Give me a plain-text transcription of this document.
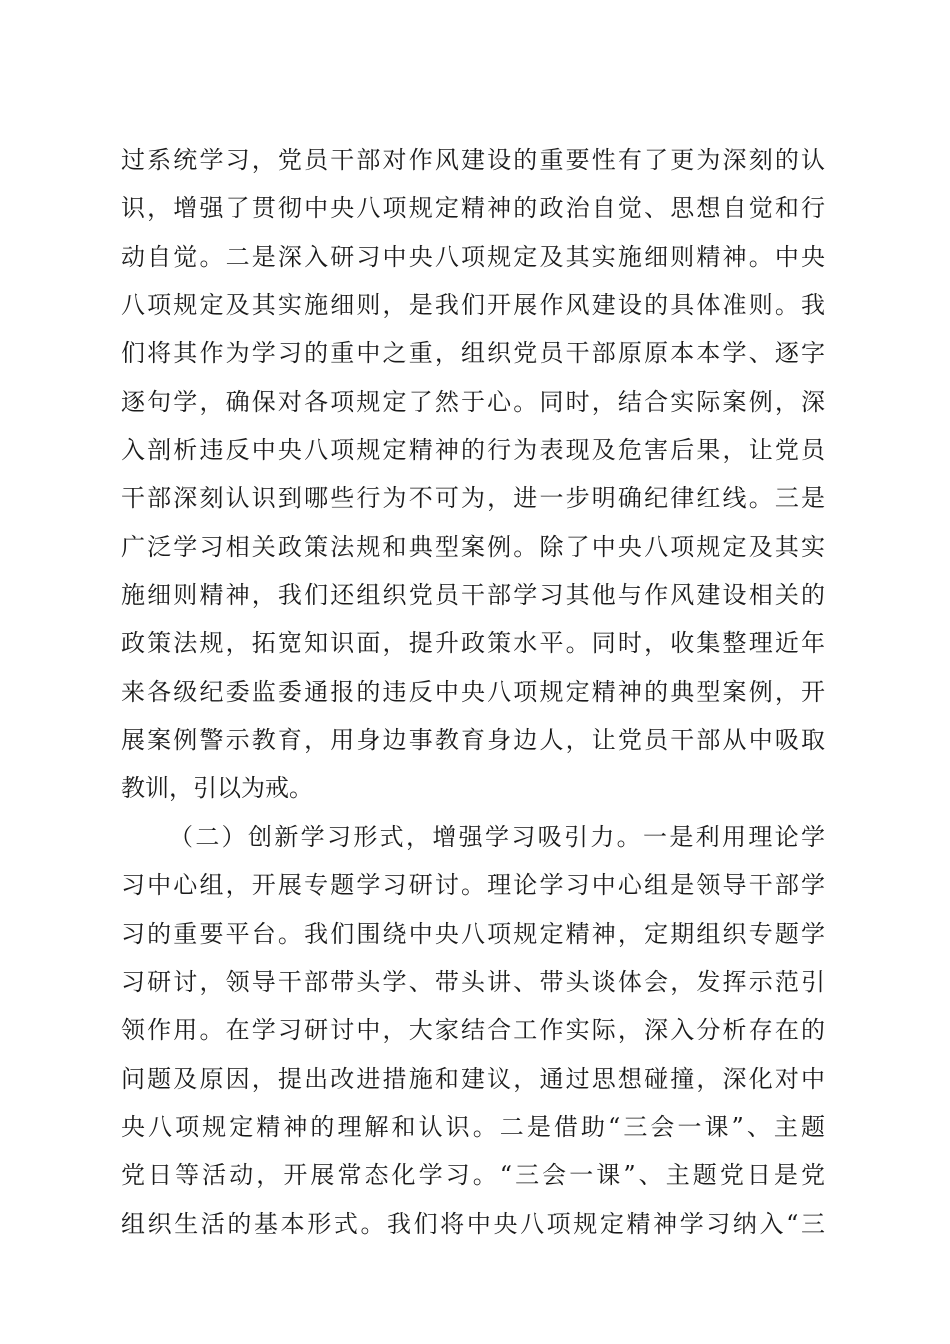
过系统学习，党员干部对作风建设的重要性有了更为深刻的认
识，增强了贯彻中央八项规定精神的政治自觉、思想自觉和行
动自觉。二是深入研习中央八项规定及其实施细则精神。中央
八项规定及其实施细则，是我们开展作风建设的具体准则。我
们将其作为学习的重中之重，组织党员干部原原本本学、逐字
逐句学，确保对各项规定了然于心。同时，结合实际案例，深
入剖析违反中央八项规定精神的行为表现及危害后果，让党员
干部深刻认识到哪些行为不可为，进一步明确纪律红线。三是
广泛学习相关政策法规和典型案例。除了中央八项规定及其实
施细则精神，我们还组织党员干部学习其他与作风建设相关的
政策法规，拓宽知识面，提升政策水平。同时，收集整理近年
来各级纪委监委通报的违反中央八项规定精神的典型案例，开
展案例警示教育，用身边事教育身边人，让党员干部从中吸取
教训，引以为戒。
（二）创新学习形式，增强学习吸引力。一是利用理论学
习中心组，开展专题学习研讨。理论学习中心组是领导干部学
习的重要平台。我们围绕中央八项规定精神，定期组织专题学
习研讨，领导干部带头学、带头讲、带头谈体会，发挥示范引
领作用。在学习研讨中，大家结合工作实际，深入分析存在的
问题及原因，提出改进措施和建议，通过思想碰撞，深化对中
央八项规定精神的理解和认识。二是借助“三会一课”、主题
党日等活动，开展常态化学习。“三会一课”、主题党日是党
组织生活的基本形式。我们将中央八项规定精神学习纳入“三
